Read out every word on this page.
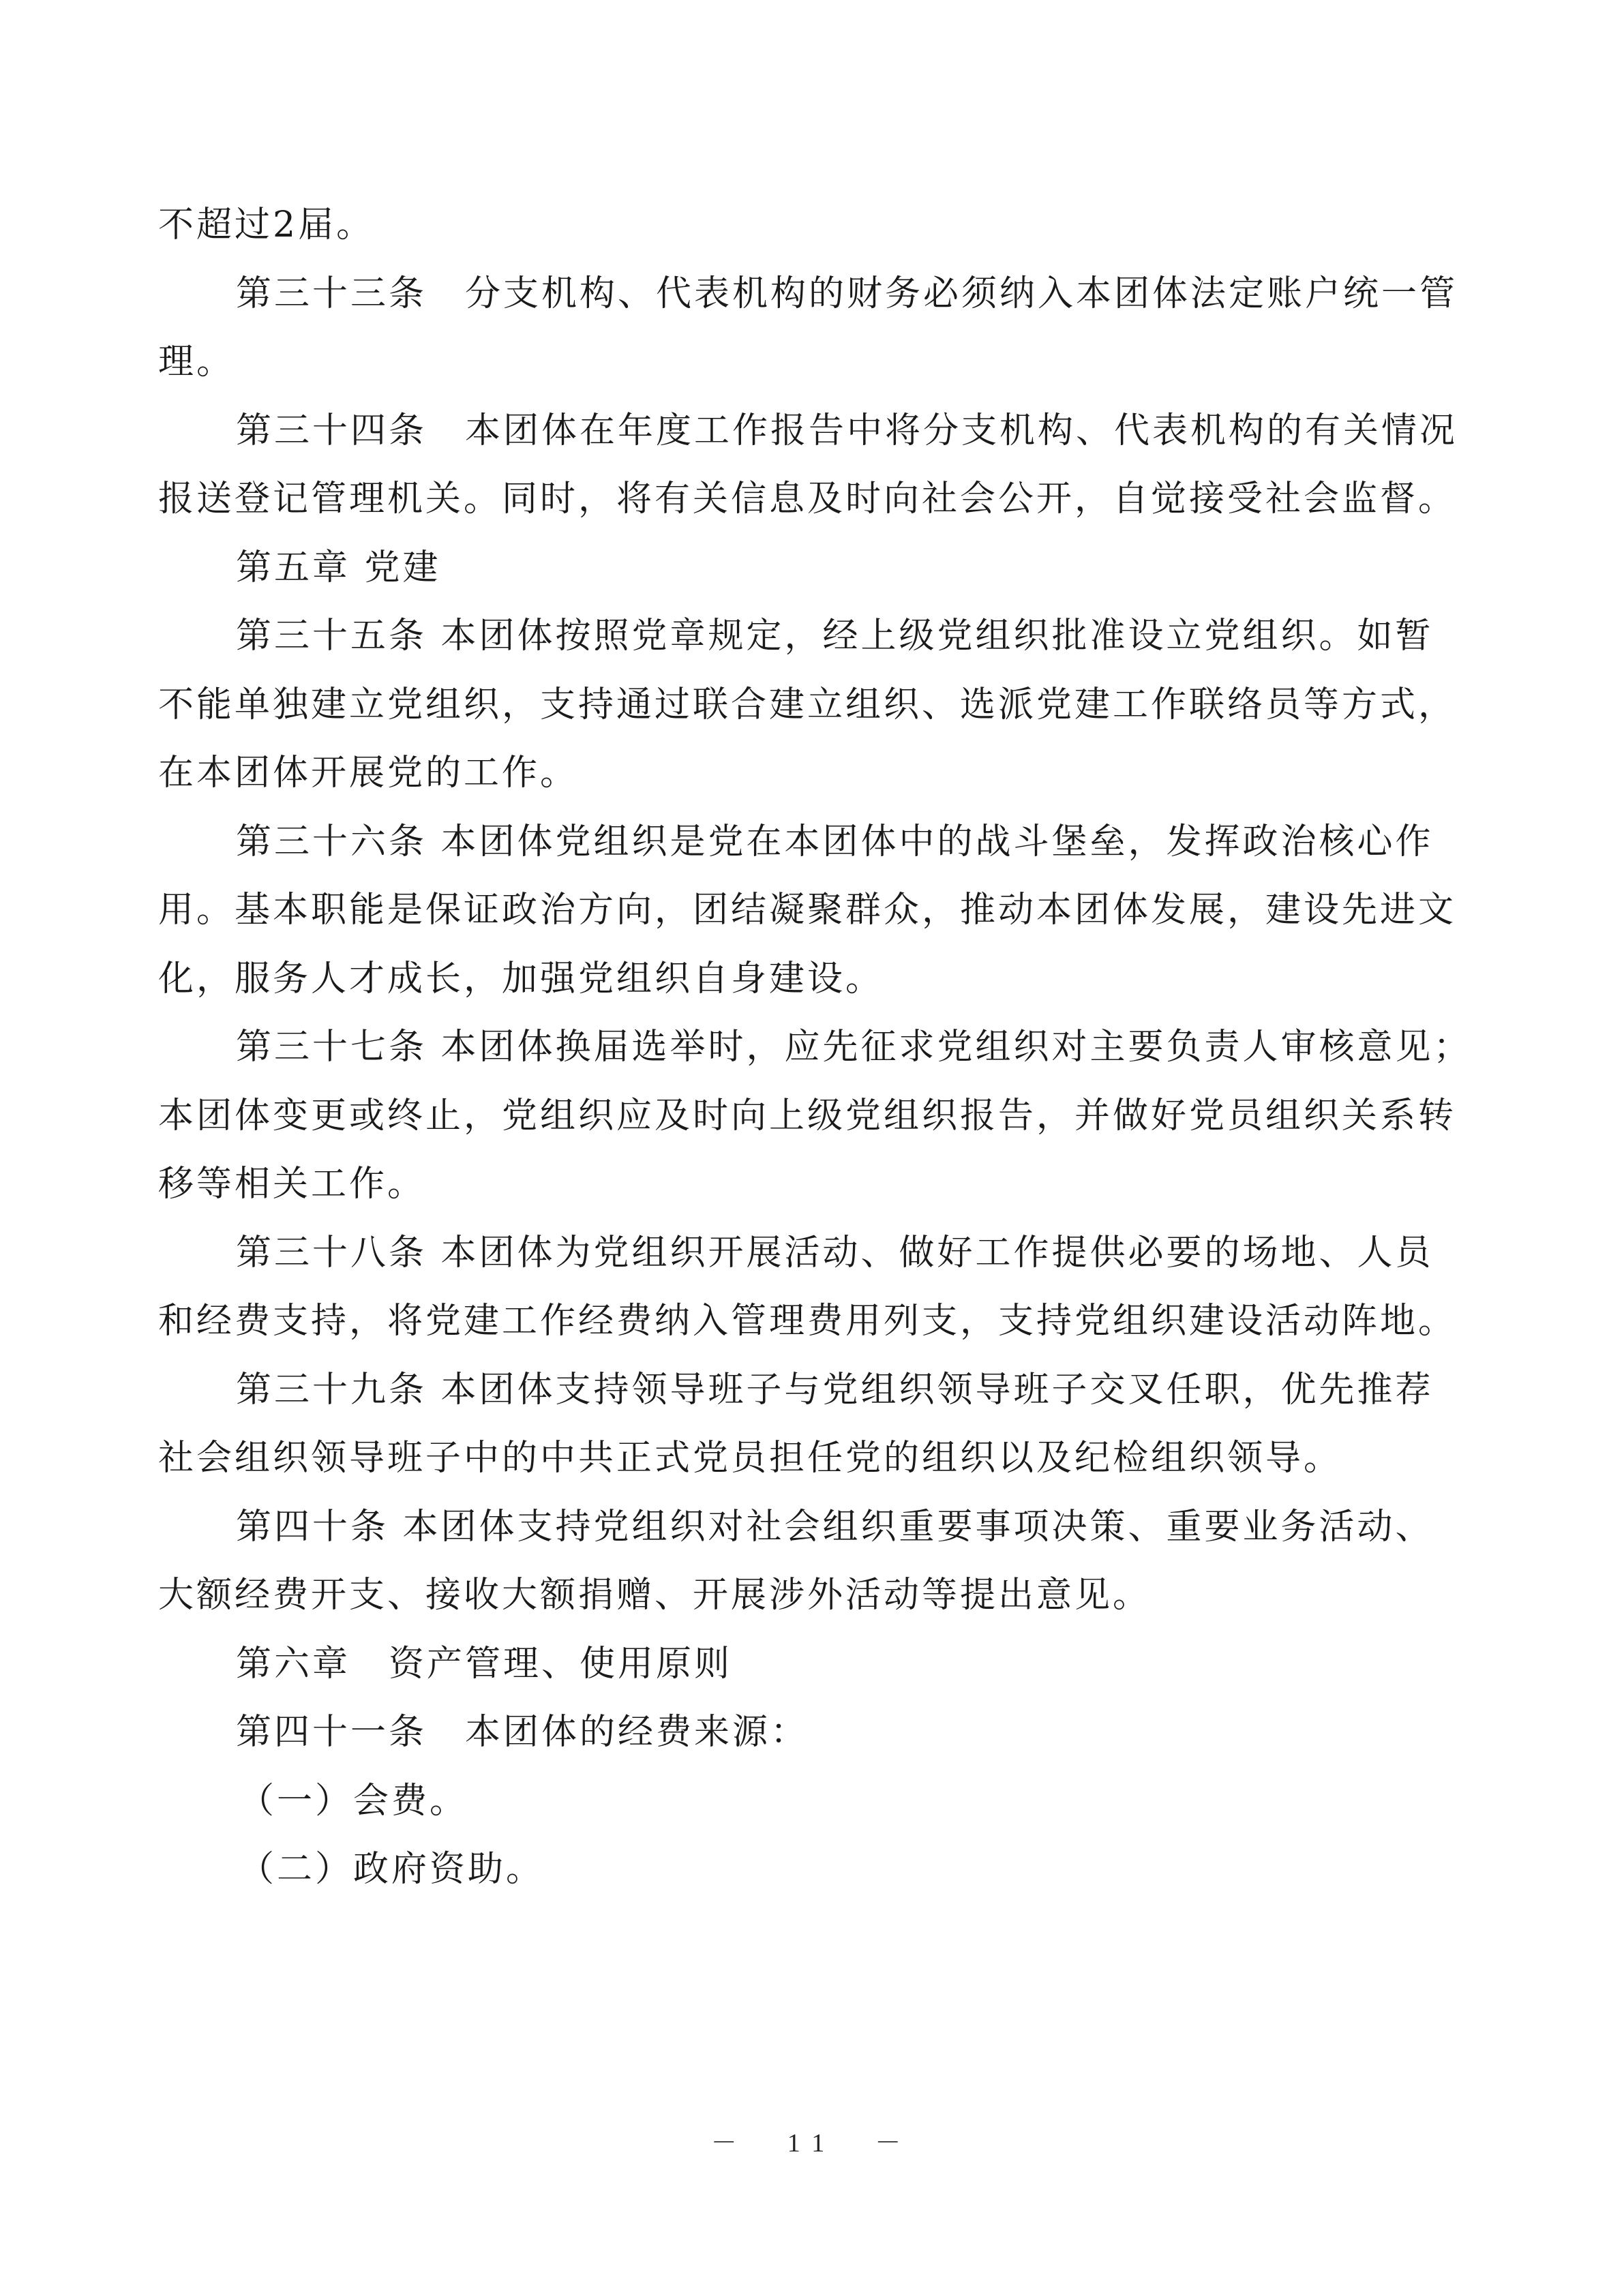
不超过2届。
第三十三条　分支机构、代表机构的财务必须纳入本团体法定账户统一管
理。
第三十四条　本团体在年度工作报告中将分支机构、代表机构的有关情况
报送登记管理机关。同时，将有关信息及时向社会公开，自觉接受社会监督。
第五章 党建
第三十五条 本团体按照党章规定，经上级党组织批准设立党组织。如暂
不能单独建立党组织，支持通过联合建立组织、选派党建工作联络员等方式，
在本团体开展党的工作。
第三十六条 本团体党组织是党在本团体中的战斗堡垒，发挥政治核心作
用。基本职能是保证政治方向，团结凝聚群众，推动本团体发展，建设先进文
化，服务人才成长，加强党组织自身建设。
第三十七条 本团体换届选举时，应先征求党组织对主要负责人审核意见；
本团体变更或终止，党组织应及时向上级党组织报告，并做好党员组织关系转
移等相关工作。
第三十八条 本团体为党组织开展活动、做好工作提供必要的场地、人员
和经费支持，将党建工作经费纳入管理费用列支，支持党组织建设活动阵地。
第三十九条 本团体支持领导班子与党组织领导班子交叉任职，优先推荐
社会组织领导班子中的中共正式党员担任党的组织以及纪检组织领导。
第四十条 本团体支持党组织对社会组织重要事项决策、重要业务活动、
大额经费开支、接收大额捐赠、开展涉外活动等提出意见。
第六章　资产管理、使用原则
第四十一条　本团体的经费来源：
（一）会费。
（二）政府资助。
－　11　－
